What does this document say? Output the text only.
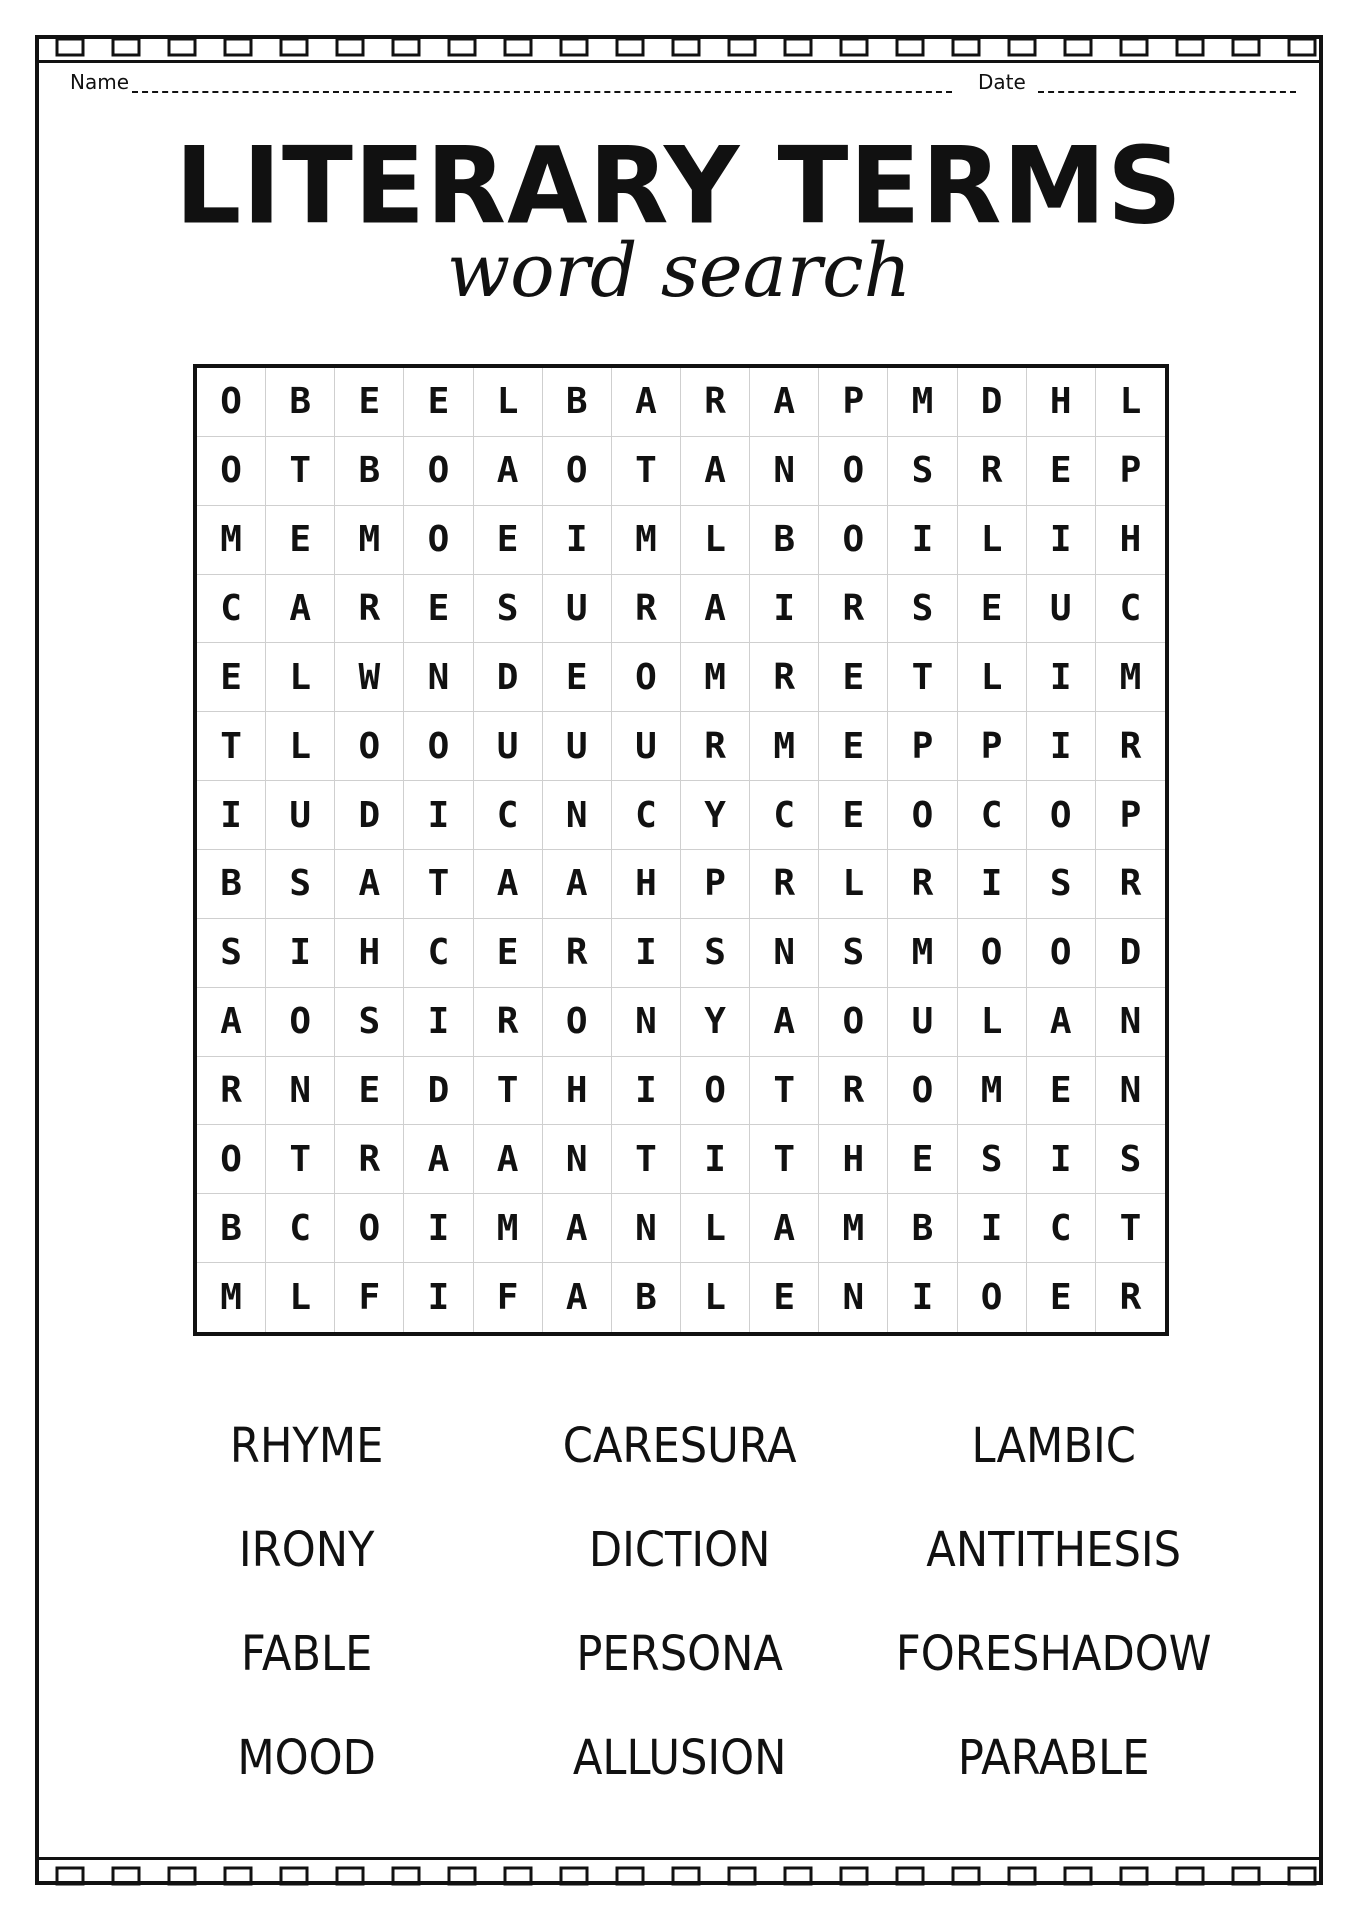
Name	Date
LITERARY TERMS
word search
O	B	E	E	L	B	A	R	A	P	M	D	H	L
O	T	B	O	A	O	T	A	N	O	S	R	E	P
M	E	M	O	E	I	M	L	B	O	I	L	I	H
C	A	R	E	S	U	R	A	I	R	S	E	U	C
E	L	W	N	D	E	O	M	R	E	T	L	I	M
T	L	O	O	U	U	U	R	M	E	P	P	I	R
I	U	D	I	C	N	C	Y	C	E	O	C	O	P
B	S	A	T	A	A	H	P	R	L	R	I	S	R
S	I	H	C	E	R	I	S	N	S	M	O	O	D
A	O	S	I	R	O	N	Y	A	O	U	L	A	N
R	N	E	D	T	H	I	O	T	R	O	M	E	N
O	T	R	A	A	N	T	I	T	H	E	S	I	S
B	C	O	I	M	A	N	L	A	M	B	I	C	T
M	L	F	I	F	A	B	L	E	N	I	O	E	R
RHYME	CARESURA	LAMBIC
IRONY	DICTION	ANTITHESIS
FABLE	PERSONA	FORESHADOW
MOOD	ALLUSION	PARABLE
